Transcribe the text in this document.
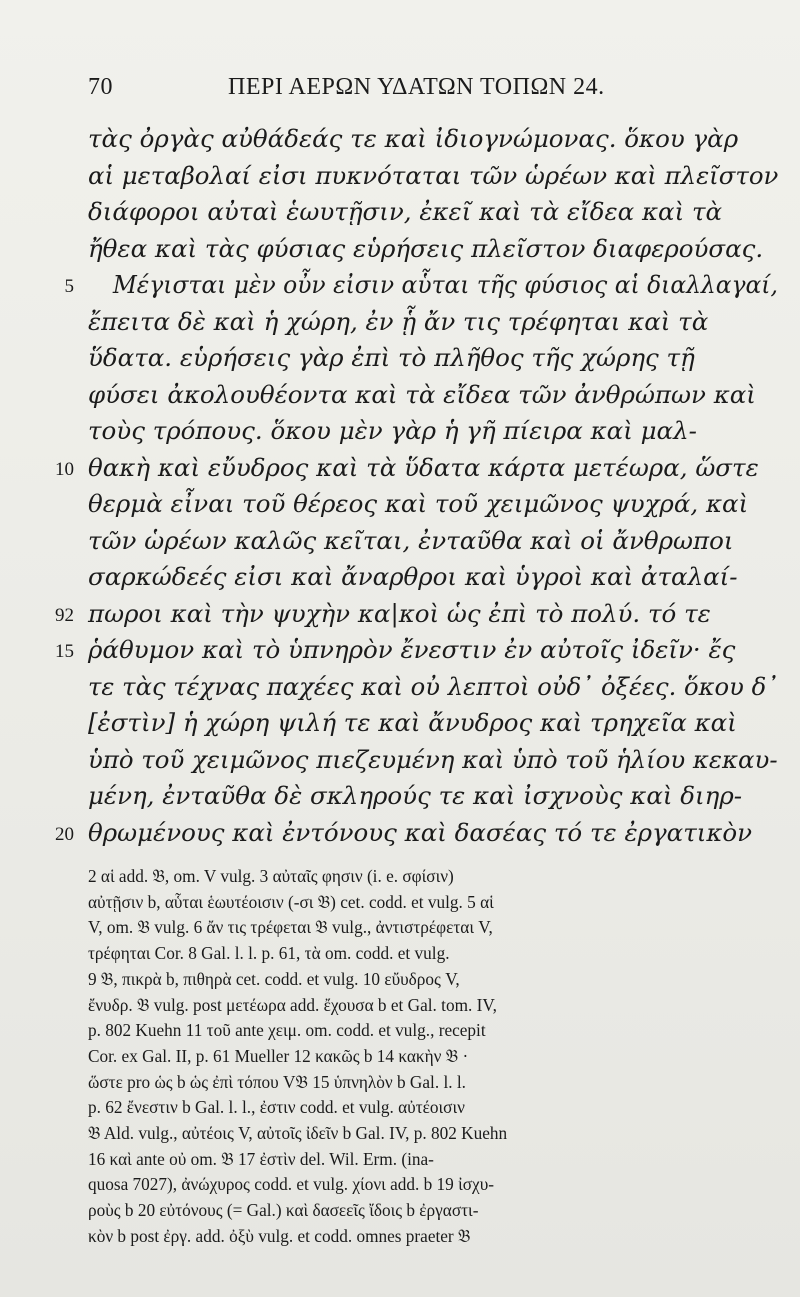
70	ΠΕΡΙ ΑΕΡΩΝ ΥΔΑΤΩΝ ΤΟΠΩΝ 24.
τὰς ὀργὰς αὐθάδεάς τε καὶ ἰδιογνώμονας. ὅκου γὰρ
αἱ μεταβολαί εἰσι πυκνόταται τῶν ὡρέων καὶ πλεῖστον
διάφοροι αὐταὶ ἑωυτῇσιν, ἐκεῖ καὶ τὰ εἴδεα καὶ τὰ
ἤθεα καὶ τὰς φύσιας εὑρήσεις πλεῖστον διαφερούσας.
Μέγισται μὲν οὖν εἰσιν αὗται τῆς φύσιος αἱ διαλλαγαί,
5
ἔπειτα δὲ καὶ ἡ χώρη, ἐν ᾗ ἄν τις τρέφηται καὶ τὰ
ὕδατα. εὑρήσεις γὰρ ἐπὶ τὸ πλῆθος τῆς χώρης τῇ
φύσει ἀκολουθέοντα καὶ τὰ εἴδεα τῶν ἀνθρώπων καὶ
τοὺς τρόπους. ὅκου μὲν γὰρ ἡ γῆ πίειρα καὶ μαλ-
θακὴ καὶ εὔυδρος καὶ τὰ ὕδατα κάρτα μετέωρα, ὥστε
10
θερμὰ εἶναι τοῦ θέρεος καὶ τοῦ χειμῶνος ψυχρά, καὶ
τῶν ὡρέων καλῶς κεῖται, ἐνταῦθα καὶ οἱ ἄνθρωποι
σαρκώδεές εἰσι καὶ ἄναρθροι καὶ ὑγροὶ καὶ ἀταλαί-
πωροι καὶ τὴν ψυχὴν κα|κοὶ ὡς ἐπὶ τὸ πολύ. τό τε
92
ῥάθυμον καὶ τὸ ὑπνηρὸν ἔνεστιν ἐν αὐτοῖς ἰδεῖν· ἔς
15
τε τὰς τέχνας παχέες καὶ οὐ λεπτοὶ οὐδ᾽ ὀξέες. ὅκου δ᾽
[ἐστὶν] ἡ χώρη ψιλή τε καὶ ἄνυδρος καὶ τρηχεῖα καὶ
ὑπὸ τοῦ χειμῶνος πιεζευμένη καὶ ὑπὸ τοῦ ἡλίου κεκαυ-
μένη, ἐνταῦθα δὲ σκληρούς τε καὶ ἰσχνοὺς καὶ διηρ-
θρωμένους καὶ ἐντόνους καὶ δασέας τό τε ἐργατικὸν
20
2 αἱ add. 𝔅, om. V vulg. 3 αὐταῖς φησιν (i. e. σφίσιν)
αὐτῇσιν b, αὗται ἑωυτέοισιν (-σι 𝔅) cet. codd. et vulg. 5 αἱ
V, om. 𝔅 vulg. 6 ἄν τις τρέφεται 𝔅 vulg., ἀντιστρέφεται V,
τρέφηται Cor. 8 Gal. l. l. p. 61, τὰ om. codd. et vulg.
9 𝔅, πικρὰ b, πιθηρὰ cet. codd. et vulg. 10 εὔυδρος V,
ἔνυδρ. 𝔅 vulg. post μετέωρα add. ἔχουσα b et Gal. tom. IV,
p. 802 Kuehn 11 τοῦ ante χειμ. om. codd. et vulg., recepit
Cor. ex Gal. II, p. 61 Mueller 12 κακῶς b 14 κακὴν 𝔅 ·
ὥστε pro ὡς b ὡς ἐπὶ τόπου V𝔅 15 ὑπνηλὸν b Gal. l. l.
p. 62 ἔνεστιν b Gal. l. l., ἐστιν codd. et vulg. αὐτέοισιν
𝔅 Ald. vulg., αὐτέοις V, αὐτοῖς ἰδεῖν b Gal. IV, p. 802 Kuehn
16 καὶ ante οὐ om. 𝔅 17 ἐστὶν del. Wil. Erm. (ina-
quosa 7027), ἀνώχυρος codd. et vulg. χίονι add. b 19 ἰσχυ-
ροὺς b 20 εὐτόνους (= Gal.) καὶ δασεεῖς ἴδοις b ἐργαστι-
κὸν b post ἐργ. add. ὀξὺ vulg. et codd. omnes praeter 𝔅
